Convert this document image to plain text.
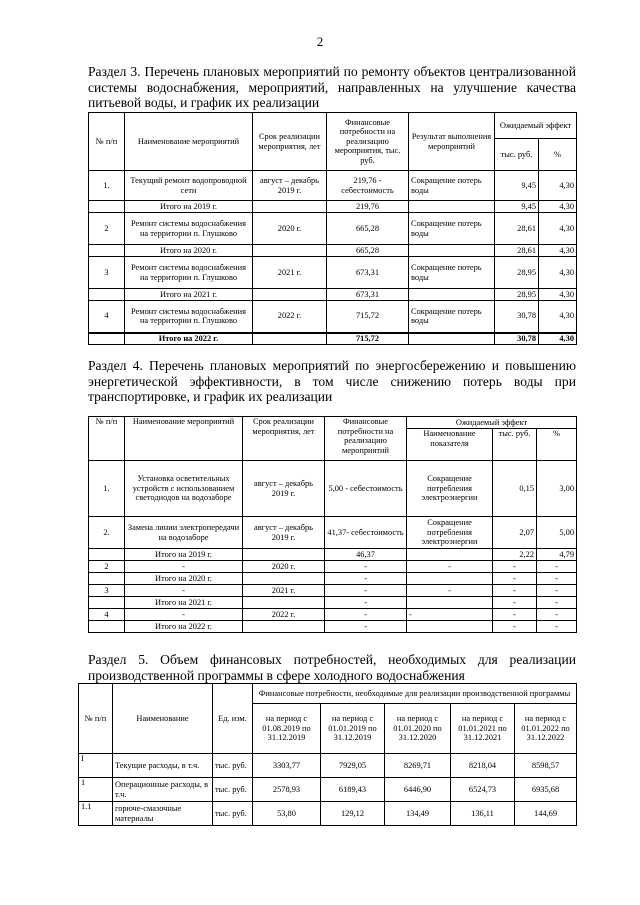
2
Раздел 3. Перечень плановых мероприятий по ремонту объектов централизованной системы водоснабжения, мероприятий, направленных на улучшение качества питьевой воды, и график их реализации
№ п/п	Наименование мероприятий	Срок реализации мероприятия, лет	Финансовые потребности на реализацию мероприятия, тыс. руб.	Результат выполнения мероприятий	Ожидаемый эффект	
					тыс. руб.	%
1.	Текущий ремонт водопроводной сети	август – декабрь 2019 г.	219,76 - себестоимость	Сокращение потерь воды	9,45	4,30
	Итого на 2019 г.		219,76		9,45	4,30
2	Ремонт системы водоснабжения на территории п. Глушково	2020 г.	665,28	Сокращение потерь воды	28,61	4,30
	Итого на 2020 г.		665,28		28,61	4,30
3	Ремонт системы водоснабжения на территории п. Глушково	2021 г.	673,31	Сокращение потерь воды	28,95	4,30
	Итого на 2021 г.		673,31		28,95	4,30
4	Ремонт системы водоснабжения на территории п. Глушково	2022 г.	715,72	Сокращение потерь воды	30,78	4,30
	Итого на 2022 г.		715,72		30,78	4,30
Раздел 4. Перечень плановых мероприятий по энергосбережению и повышению энергетической эффективности, в том числе снижению потерь воды при транспортировке, и график их реализации
№ п/п	Наименование мероприятий	Срок реализации мероприятия, лет	Финансовые потребности на реализацию мероприятий	Ожидаемый эффект		
				Наименование показателя	тыс. руб.	%
1.	Установка осветительных устройств с использованием светодиодов на водозаборе	август – декабрь 2019 г.	5,00 - себестоимость	Сокращение потребления электроэнергии	0,15	3,00
2.	Замена линии электропередачи на водозаборе	август – декабрь 2019 г.	41,37- себестоимость	Сокращение потребления электроэнергии	2,07	5,00
	Итого на 2019 г.		46,37		2,22	4,79
2	-	2020 г.	-	-	-	-
	Итого на 2020 г.		-		-	-
3	-	2021 г.	-	-	-	-
	Итого на 2021 г.		-		-	-
4	-	2022 г.	-	-	-	-
	Итого на 2022 г.		-		-	-
Раздел 5. Объем финансовых потребностей, необходимых для реализации производственной программы в сфере холодного водоснабжения
№ п/п	Наименование	Ед. изм.	Финансовые потребности, необходимые для реализации производственной программы				
			на период с 01.08.2019 по 31.12.2019	на период с 01.01.2019 по 31.12.2019	на период с 01.01.2020 по 31.12.2020	на период с 01.01.2021 по 31.12.2021	на период с 01.01.2022 по 31.12.2022
I	Текущие расходы, в т.ч.	тыс. руб.	3303,77	7929,05	8269,71	8218,04	8598,57
1	Операционные расходы, в т.ч.	тыс. руб.	2578,93	6189,43	6446,90	6524,73	6935,68
1.1	горюче-смазочные материалы	тыс. руб.	53,80	129,12	134,49	136,11	144,69
